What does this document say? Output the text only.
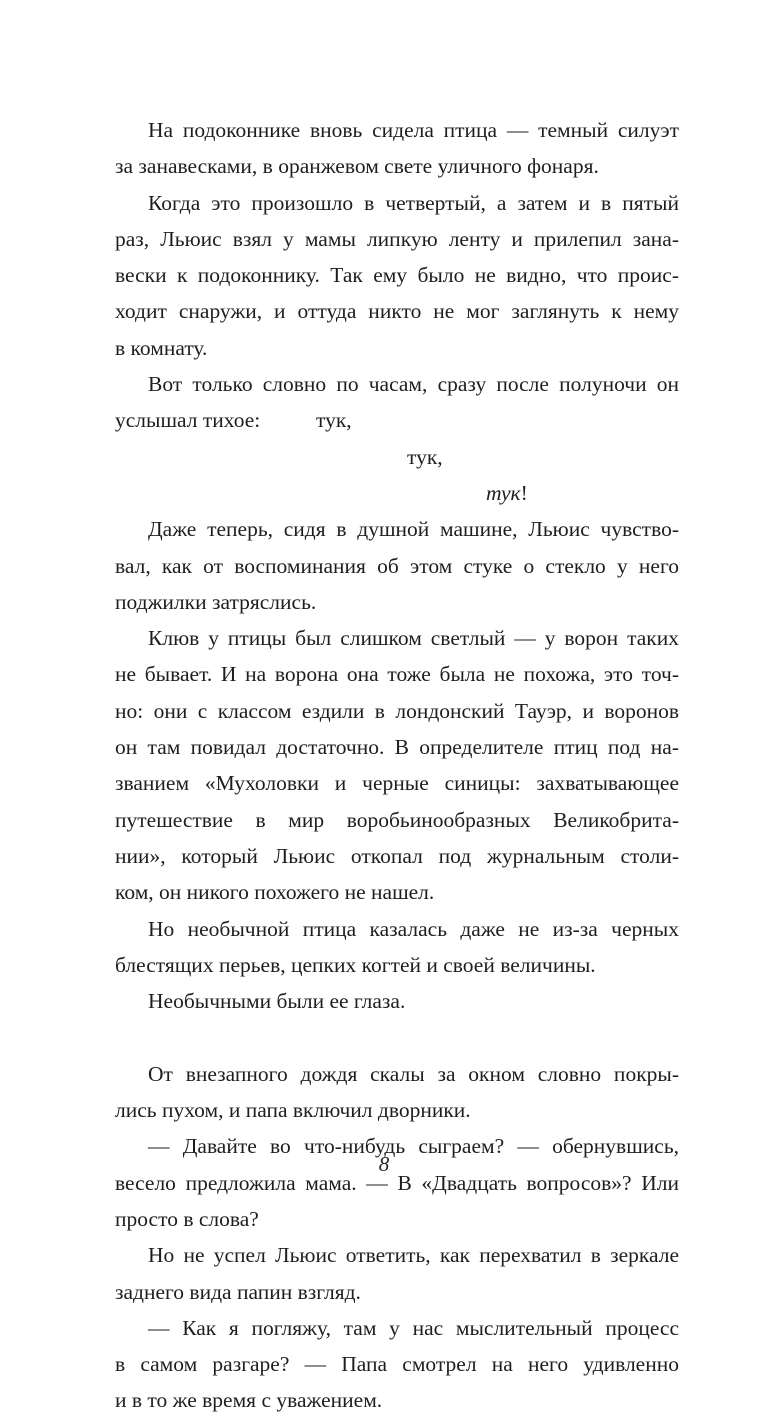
На подоконнике вновь сидела птица — темный силуэт
за занавесками, в оранжевом свете уличного фонаря.
Когда это произошло в четвертый, а затем и в пятый
раз, Льюис взял у мамы липкую ленту и прилепил зана-
вески к подоконнику. Так ему было не видно, что проис-
ходит снаружи, и оттуда никто не мог заглянуть к нему
в комнату.
Вот только словно по часам, сразу после полуночи он
услышал тихое:	тук,
тук,
тук!
Даже теперь, сидя в душной машине, Льюис чувство-
вал, как от воспоминания об этом стуке о стекло у него
поджилки затряслись.
Клюв у птицы был слишком светлый — у ворон таких
не бывает. И на ворона она тоже была не похожа, это точ-
но: они с классом ездили в лондонский Тауэр, и воронов
он там повидал достаточно. В определителе птиц под на-
званием «Мухоловки и черные синицы: захватывающее
путешествие в мир воробьинообразных Великобрита-
нии», который Льюис откопал под журнальным столи-
ком, он никого похожего не нашел.
Но необычной птица казалась даже не из-за черных
блестящих перьев, цепких когтей и своей величины.
Необычными были ее глаза.
От внезапного дождя скалы за окном словно покры-
лись пухом, и папа включил дворники.
— Давайте во что-нибудь сыграем? — обернувшись,
весело предложила мама. — В «Двадцать вопросов»? Или
просто в слова?
Но не успел Льюис ответить, как перехватил в зеркале
заднего вида папин взгляд.
— Как я погляжу, там у нас мыслительный процесс
в самом разгаре? — Папа смотрел на него удивленно
и в то же время с уважением.
8
